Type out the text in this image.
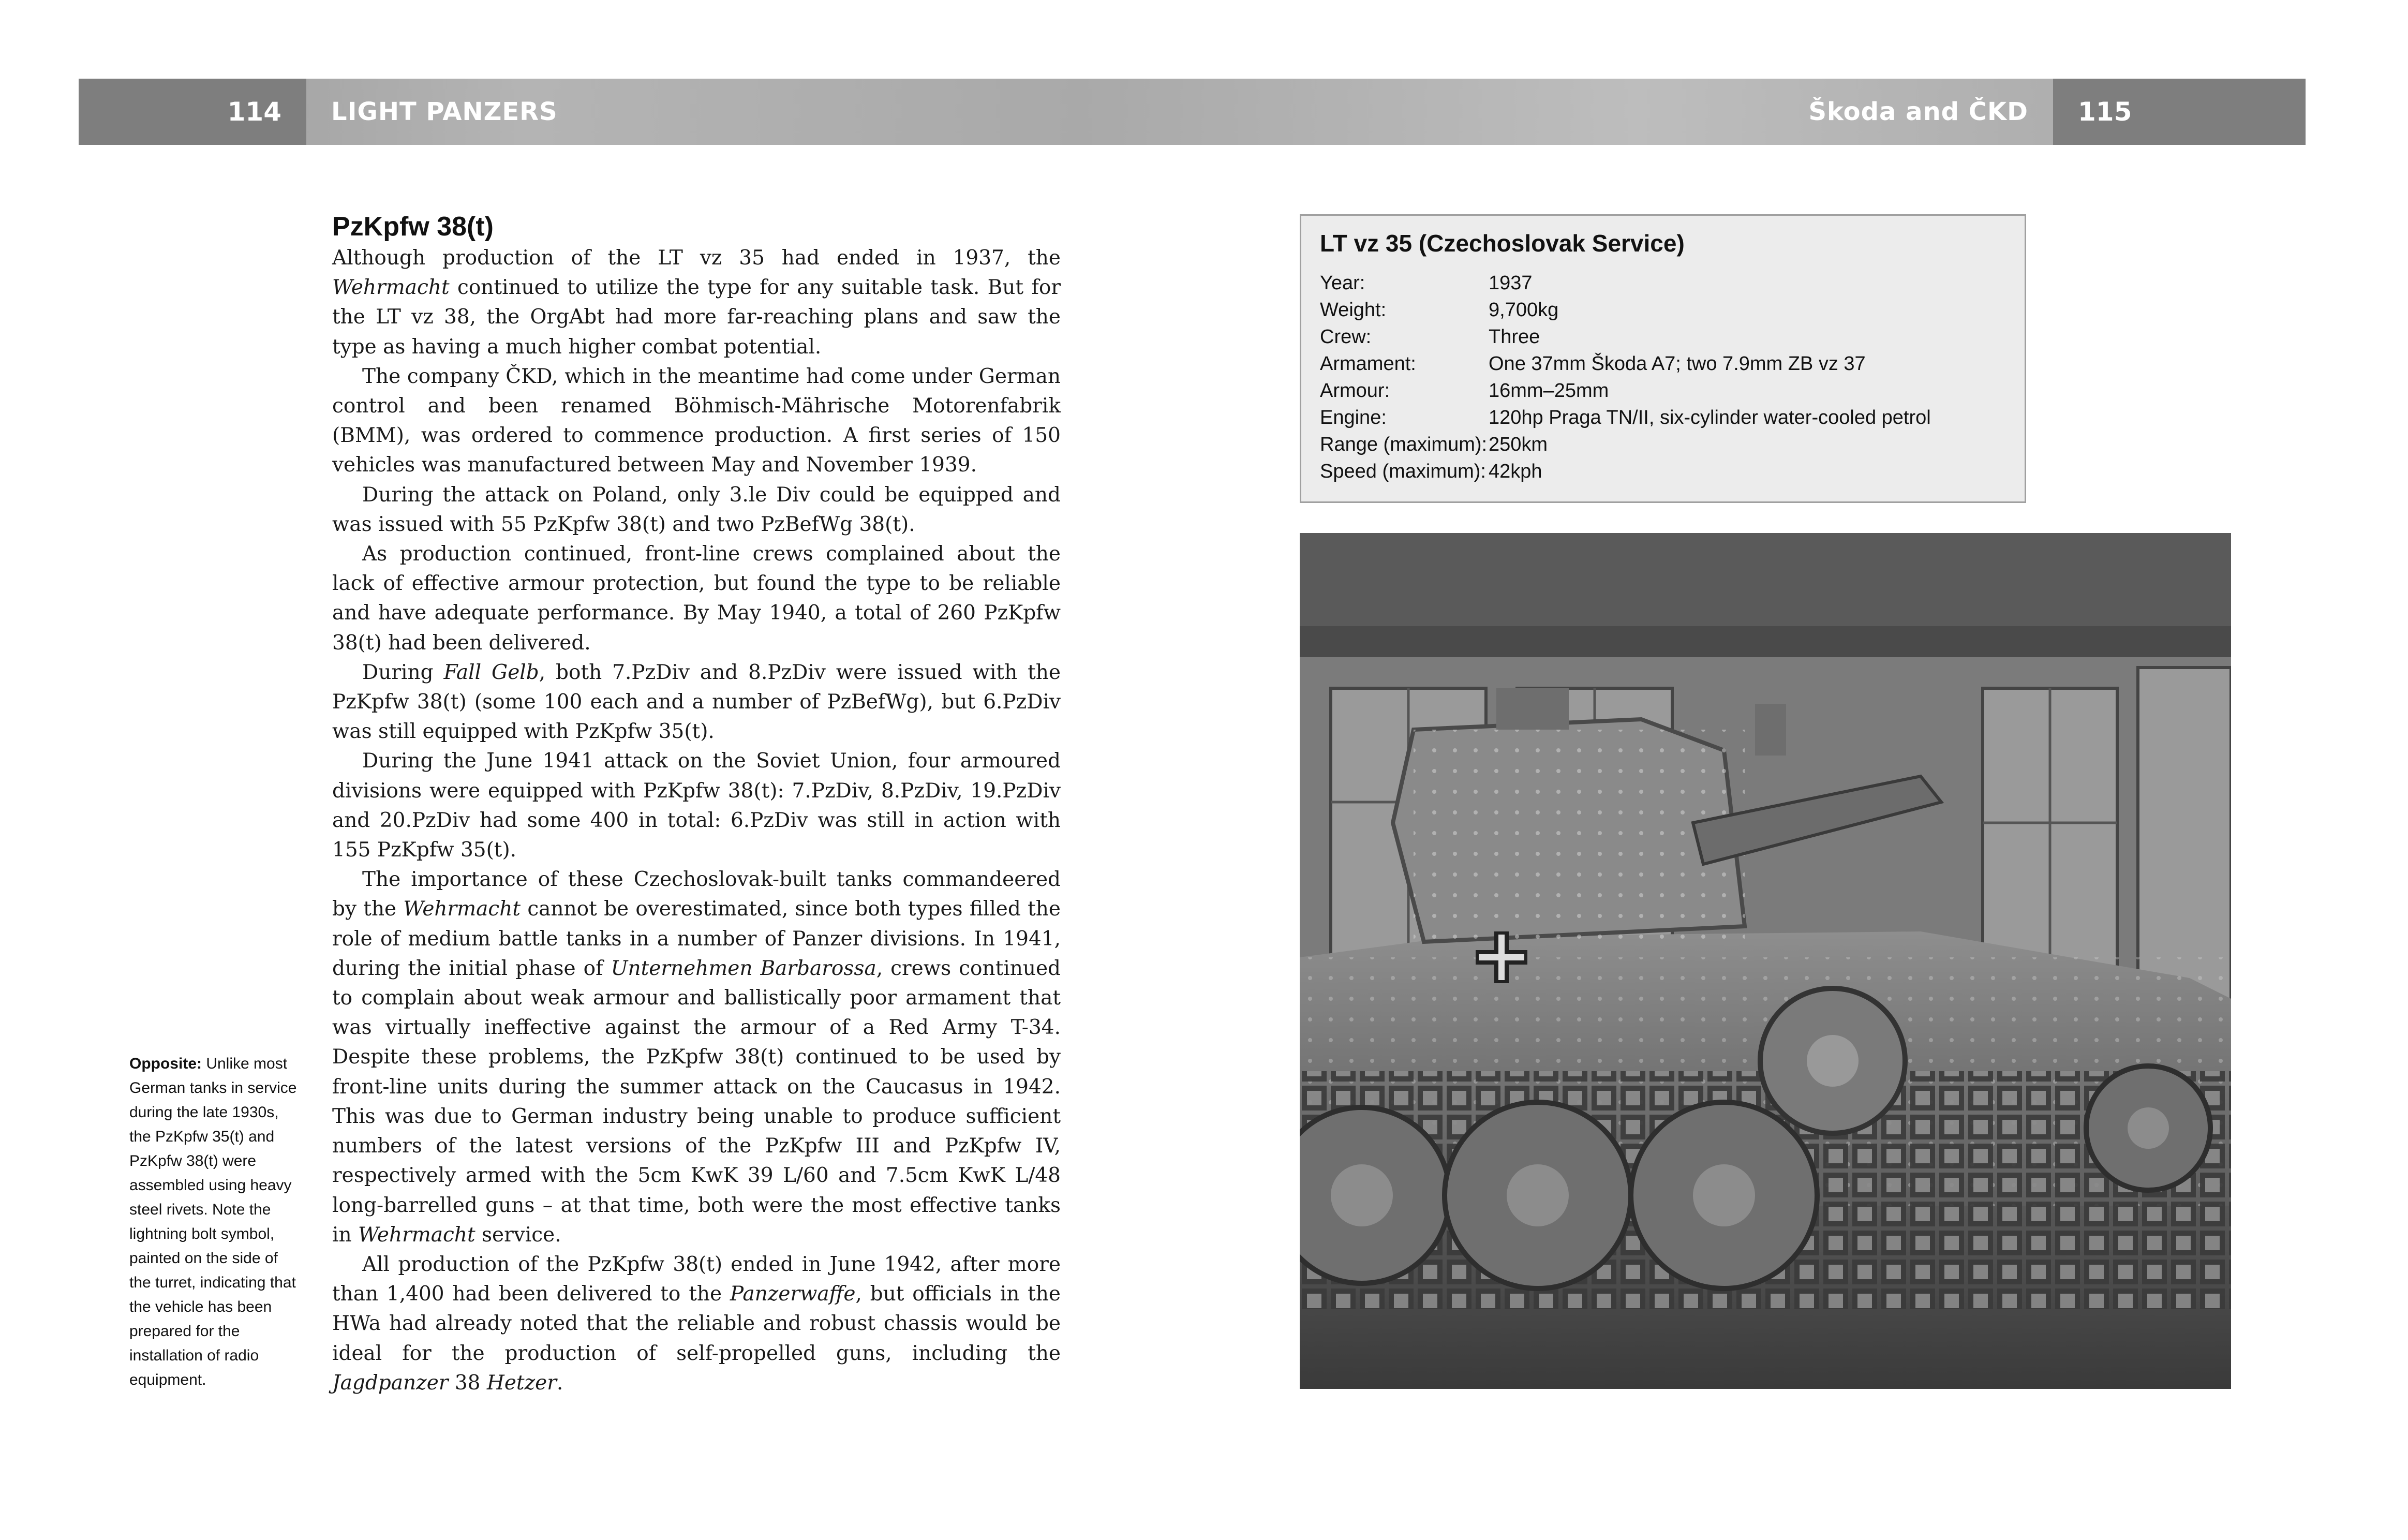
114	LIGHT PANZERS	Škoda and ČKD	115
PzKpfw 38(t)

Although production of the LT vz 35 had ended in 1937, the Wehrmacht continued to utilize the type for any suitable task. But for the LT vz 38, the OrgAbt had more far-reaching plans and saw the type as having a much higher combat potential.

The company ČKD, which in the meantime had come under German control and been renamed Böhmisch-Mährische Motorenfabrik (BMM), was ordered to commence production. A first series of 150 vehicles was manufactured between May and November 1939.

During the attack on Poland, only 3.le Div could be equipped and was issued with 55 PzKpfw 38(t) and two PzBefWg 38(t).

As production continued, front-line crews complained about the lack of effective armour protection, but found the type to be reliable and have adequate performance. By May 1940, a total of 260 PzKpfw 38(t) had been delivered.

During Fall Gelb, both 7.PzDiv and 8.PzDiv were issued with the PzKpfw 38(t) (some 100 each and a number of PzBefWg), but 6.PzDiv was still equipped with PzKpfw 35(t).

During the June 1941 attack on the Soviet Union, four armoured divisions were equipped with PzKpfw 38(t): 7.PzDiv, 8.PzDiv, 19.PzDiv and 20.PzDiv had some 400 in total: 6.PzDiv was still in action with 155 PzKpfw 35(t).

The importance of these Czechoslovak-built tanks commandeered by the Wehrmacht cannot be overestimated, since both types filled the role of medium battle tanks in a number of Panzer divisions. In 1941, during the initial phase of Unternehmen Barbarossa, crews continued to complain about weak armour and ballistically poor armament that was virtually ineffective against the armour of a Red Army T-34. Despite these problems, the PzKpfw 38(t) continued to be used by front-line units during the summer attack on the Caucasus in 1942. This was due to German industry being unable to produce sufficient numbers of the latest versions of the PzKpfw III and PzKpfw IV, respectively armed with the 5cm KwK 39 L/60 and 7.5cm KwK L/48 long-barrelled guns – at that time, both were the most effective tanks in Wehrmacht service.

All production of the PzKpfw 38(t) ended in June 1942, after more than 1,400 had been delivered to the Panzerwaffe, but officials in the HWa had already noted that the reliable and robust chassis would be ideal for the production of self-propelled guns, including the Jagdpanzer 38 Hetzer.

Opposite: Unlike most German tanks in service during the late 1930s, the PzKpfw 35(t) and PzKpfw 38(t) were assembled using heavy steel rivets. Note the lightning bolt symbol, painted on the side of the turret, indicating that the vehicle has been prepared for the installation of radio equipment.
LT vz 35 (Czechoslovak Service)
Year:	1937
Weight:	9,700kg
Crew:	Three
Armament:	One 37mm Škoda A7; two 7.9mm ZB vz 37
Armour:	16mm–25mm
Engine:	120hp Praga TN/II, six-cylinder water-cooled petrol
Range (maximum):250km
Speed (maximum): 42kph
